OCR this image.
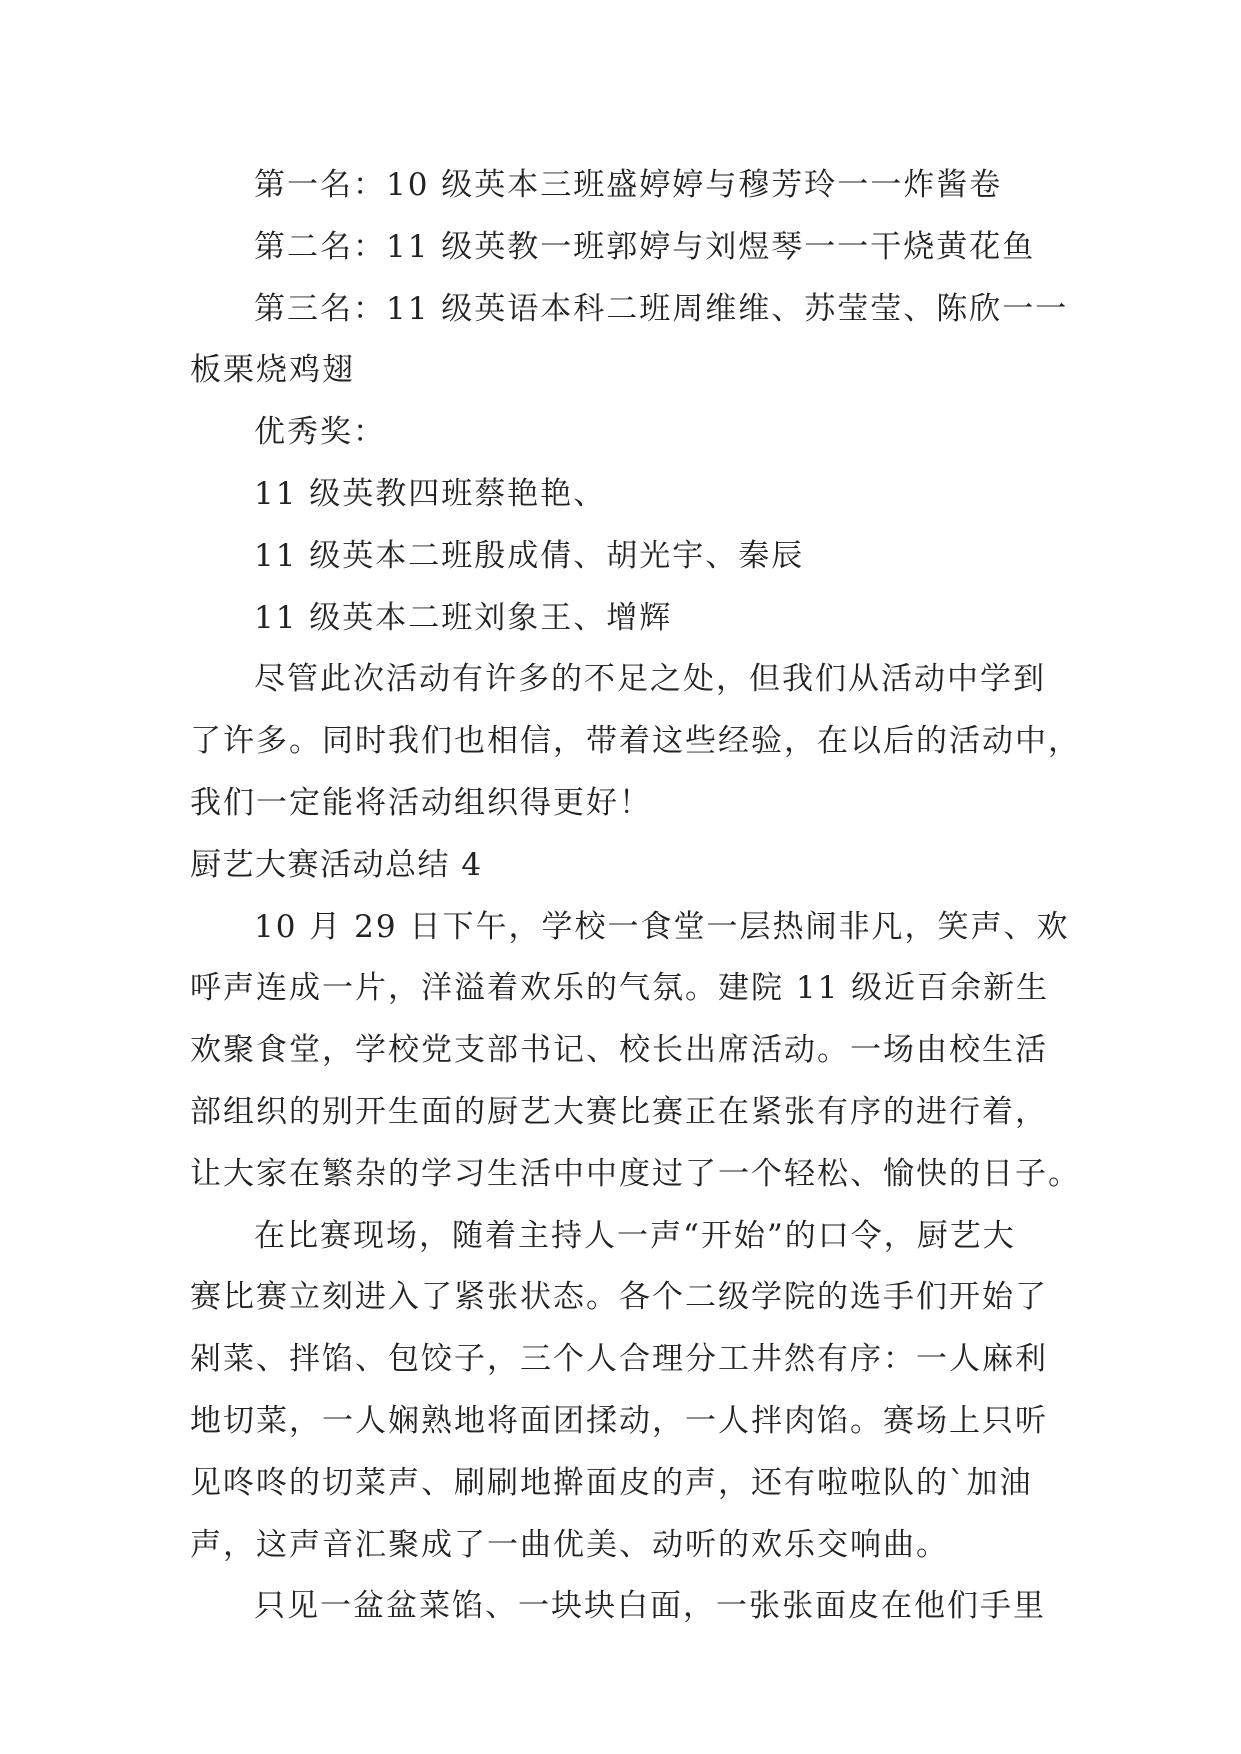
第一名：10 级英本三班盛婷婷与穆芳玲一一炸酱卷
第二名：11 级英教一班郭婷与刘煜琴一一干烧黄花鱼
第三名：11 级英语本科二班周维维、苏莹莹、陈欣一一
板栗烧鸡翅
优秀奖：
11 级英教四班蔡艳艳、
11 级英本二班殷成倩、胡光宇、秦辰
11 级英本二班刘象王、增辉
尽管此次活动有许多的不足之处，但我们从活动中学到
了许多。同时我们也相信，带着这些经验，在以后的活动中，
我们一定能将活动组织得更好！
厨艺大赛活动总结 4
10 月 29 日下午，学校一食堂一层热闹非凡，笑声、欢
呼声连成一片，洋溢着欢乐的气氛。建院 11 级近百余新生
欢聚食堂，学校党支部书记、校长出席活动。一场由校生活
部组织的别开生面的厨艺大赛比赛正在紧张有序的进行着，
让大家在繁杂的学习生活中中度过了一个轻松、愉快的日子。
在比赛现场，随着主持人一声“开始”的口令，厨艺大
赛比赛立刻进入了紧张状态。各个二级学院的选手们开始了
剁菜、拌馅、包饺子，三个人合理分工井然有序：一人麻利
地切菜，一人娴熟地将面团揉动，一人拌肉馅。赛场上只听
见咚咚的切菜声、刷刷地擀面皮的声，还有啦啦队的`加油
声，这声音汇聚成了一曲优美、动听的欢乐交响曲。
只见一盆盆菜馅、一块块白面，一张张面皮在他们手里
